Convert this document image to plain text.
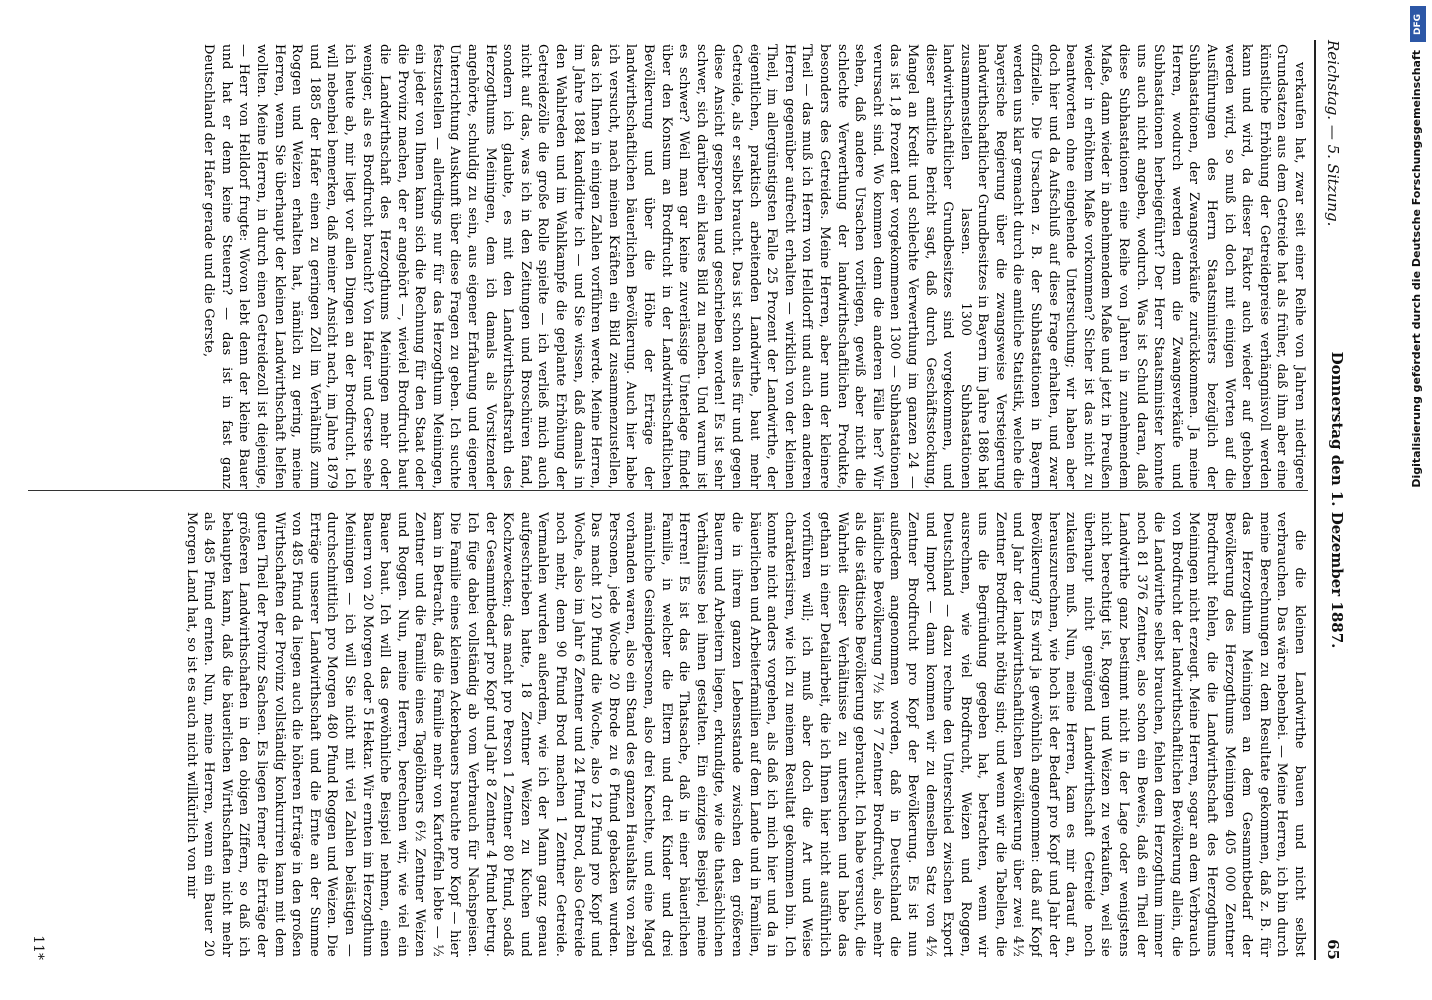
Reichstag. — 5. Sitzung.
Donnerstag den 1. Dezember 1887.
65

verkaufen hat, zwar seit einer Reihe von Jahren niedrigere Grundsatzen aus dem Getreide hat als früher, daß ihm aber eine künstliche Erhöhung der Getreidepreise verhängnisvoll werden kann und wird, da dieser Faktor auch wieder auf gehoben werden wird, so muß ich doch mit einigen Worten auf die Ausführungen des Herrn Staatsministers bezüglich der Subhastationen, der Zwangsverkäufe zurückkommen. Ja meine Herren, wodurch werden denn die Zwangsverkäufe und Subhastationen herbeigeführt? Der Herr Staatsminister konnte uns auch nicht angeben, wodurch. Was ist Schuld daran, daß diese Subhastationen eine Reihe von Jahren in zunehmendem Maße, dann wieder in abnehmendem Maße und jetzt in Preußen wieder in erhöhtem Maße vorkommen? Sicher ist das nicht zu beantworten ohne eingehende Untersuchung; wir haben aber doch hier und da Aufschluß auf diese Frage erhalten, und zwar offizielle. Die Ursachen z. B. der Subhastationen in Bayern werden uns klar gemacht durch die amtliche Statistik, welche die bayerische Regierung über die zwangsweise Versteigerung landwirthschaftlicher Grundbesitzes in Bayern im Jahre 1886 hat zusammenstellen lassen. 1300 Subhastationen landwirthschaftlicher Grundbesitzes sind vorgekommen, und dieser amtliche Bericht sagt, daß durch Geschäftsstockung, Mangel an Kredit und schlechte Verwerthung im ganzen 24 — das ist 1,8 Prozent der vorgekommenen 1300 — Subhastationen verursacht sind. Wo kommen denn die anderen Fälle her? Wir sehen, daß andere Ursachen vorliegen, gewiß aber nicht die schlechte Verwerthung der landwirthschaftlichen Produkte, besonders des Getreides. Meine Herren, aber nun der kleinere Theil — das muß ich Herrn von Helldorff und auch den anderen Herren gegenüber aufrecht erhalten — wirklich von der kleinen Theil, im allergünstigsten Falle 25 Prozent der Landwirthe, der eigentlichen, praktisch arbeitenden Landwirthe, baut mehr Getreide, als er selbst braucht. Das ist schon alles für und gegen diese Ansicht gesprochen und geschrieben worden! Es ist sehr schwer, sich darüber ein klares Bild zu machen. Und warum ist es schwer? Weil man gar keine zuverlässige Unterlage findet über den Konsum an Brodfrucht in der Landwirthschaftlichen Bevölkerung und über die Höhe der Erträge der landwirthschaftlichen bäuerlichen Bevölkerung. Auch hier habe ich versucht, nach meinen Kräften ein Bild zusammenzustellen, das ich Ihnen in einigen Zahlen vorführen werde. Meine Herren, im Jahre 1884 kandidirte ich — und Sie wissen, daß damals in den Wahlreden und im Wahlkampfe die geplante Erhöhung der Getreidezölle die große Rolle spielte — ich verließ mich auch nicht auf das, was ich in den Zeitungen und Broschüren fand, sondern ich glaubte, es mit den Landwirthschaftsrath des Herzogthums Meiningen, dem ich damals als Vorsitzender angehörte, schuldig zu sein, aus eigener Erfahrung und eigener Unterrichtung Auskunft über diese Fragen zu geben. Ich suchte festzustellen — allerdings nur für das Herzogthum Meiningen, ein jeder von Ihnen kann sich die Rechnung für den Staat oder die Provinz machen, der er angehört —, wieviel Brodfrucht baut die Landwirthschaft des Herzogthums Meiningen mehr oder weniger, als es Brodfrucht braucht? Von Hafer und Gerste sehe ich heute ab, mir liegt vor allen Dingen an der Brodfrucht. Ich will nebenbei bemerken, daß meiner Ansicht nach, im Jahre 1879 und 1885 der Hafer einen zu geringen Zoll im Verhältniß zum Roggen und Weizen erhalten hat, nämlich zu gering, meine Herren, wenn Sie überhaupt der kleinen Landwirthschaft helfen wollten. Meine Herren, in durch einen Getreidezoll ist diejenige, — Herr von Helldorf frugte: Wovon lebt denn der kleine Bauer und hat er denn keine Steuern? — das ist in fast ganz Deutschland der Hafer gerade und die Gerste,

die die kleinen Landwirthe bauen und nicht selbst verbrauchen. Das wäre nebenbei. — Meine Herren, ich bin durch meine Berechnungen zu dem Resultate gekommen, daß z. B. für das Herzogthum Meiningen an dem Gesammtbedarf der Bevölkerung des Herzogthums Meiningen 405 000 Zentner Brodfrucht fehlen, die die Landwirthschaft des Herzogthums Meiningen nicht erzeugt. Meine Herren, sogar an dem Verbrauch von Brodfrucht der landwirthschaftlichen Bevölkerung allein, die die Landwirthe selbst brauchen, fehlen dem Herzogthum immer noch 81 376 Zentner, also schon ein Beweis, daß ein Theil der Landwirthe ganz bestimmt nicht in der Lage oder wenigstens nicht berechtigt ist, Roggen und Weizen zu verkaufen, weil sie überhaupt nicht genügend Landwirthschaft Getreide noch zukaufen muß. Nun, meine Herren, kam es mir darauf an, herauszurechnen, wie hoch ist der Bedarf pro Kopf und Jahr der Bevölkerung? Es wird ja gewöhnlich angenommen: daß auf Kopf und Jahr der landwirthschaftlichen Bevölkerung über zwei 4½ Zentner Brodfrucht nöthig sind; und wenn wir die Tabellen, die uns die Begründung gegeben hat, betrachten, wenn wir ausrechnen, wie viel Brodfrucht, Weizen und Roggen, Deutschland — dazu rechne den Unterschied zwischen Export und Import — dann kommen wir zu demselben Satz von 4½ Zentner Brodfrucht pro Kopf der Bevölkerung. Es ist nun außerdem angenommen worden, daß in Deutschland die ländliche Bevölkerung 7½ bis 7 Zentner Brodfrucht, also mehr als die städtische Bevölkerung gebraucht. Ich habe versucht, die Wahrheit dieser Verhältnisse zu untersuchen und habe das gethan in einer Detailarbeit, die ich Ihnen hier nicht ausführlich vorführen will; ich muß aber doch die Art und Weise charakterisiren, wie ich zu meinem Resultat gekommen bin. Ich konnte nicht anders vorgehen, als daß ich mich hier und da in bäuerlichen und Arbeiterfamilien auf dem Lande und in Familien, die in ihrem ganzen Lebensstande zwischen den größeren Bauern und Arbeitern liegen, erkundigte, wie die thatsächlichen Verhältnisse bei ihnen gestalten. Ein einziges Beispiel, meine Herren! Es ist das die Thatsache, daß in einer bäuerlichen Familie, in welcher die Eltern und drei Kinder und drei männliche Gesindepersonen, also drei Knechte, und eine Magd vorhanden waren, also ein Stand des ganzen Haushalts von zehn Personen, jede Woche 20 Brode zu 6 Pfund gebacken wurden. Das macht 120 Pfund die Woche, also 12 Pfund pro Kopf und Woche, also im Jahr 6 Zentner und 24 Pfund Brod, also Getreide noch mehr, denn 90 Pfund Brod machen 1 Zentner Getreide. Vermahlen wurden außerdem, wie ich der Mann ganz genau aufgeschrieben hatte, 18 Zentner Weizen zu Kuchen und Kochzwecken; das macht pro Person 1 Zentner 80 Pfund, sodaß der Gesammtbedarf pro Kopf und Jahr 8 Zentner 4 Pfund betrug. Ich füge dabei vollständig ab vom Verbrauch für Nachspeisen. Die Familie eines kleinen Ackerbauers brauchte pro Kopf — hier kam in Betracht, daß die Familie mehr von Kartoffeln lebte — ½ Zentner und die Familie eines Tagelöhners 6½ Zentner Weizen und Roggen. Nun, meine Herren, berechnen wir, wie viel ein Bauer baut. Ich will das gewöhnliche Beispiel nehmen, einen Bauern von 20 Morgen oder 5 Hektar. Wir ernten im Herzogthum Meiningen — ich will Sie nicht mit viel Zahlen belästigen — durchschnittlich pro Morgen 480 Pfund Roggen und Weizen. Die Erträge unserer Landwirthschaft und die Ernte an der Summe von 485 Pfund da liegen auch die höheren Erträge in den großen Wirthschaften der Provinz vollständig konkurriren kann mit dem guten Theil der Provinz Sachsen. Es liegen ferner die Erträge der größeren Landwirthschaften in den obigen Ziffern, so daß ich behaupten kann, daß die bäuerlichen Wirthschaften nicht mehr als 485 Pfund ernten. Nun, meine Herren, wenn ein Bauer 20 Morgen Land hat, so ist es auch nicht willkürlich von mir

11*
Digitalisierung gefördert durch die Deutsche Forschungsgemeinschaft
DFG
